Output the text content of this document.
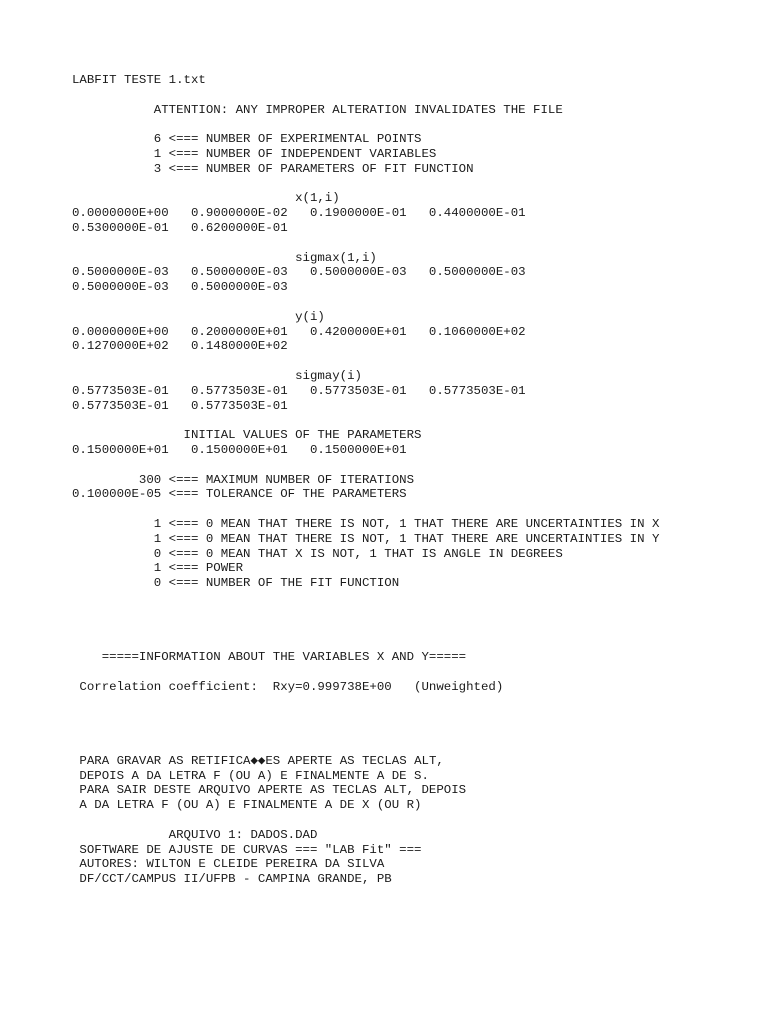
LABFIT TESTE 1.txt
ATTENTION: ANY IMPROPER ALTERATION INVALIDATES THE FILE
6 <=== NUMBER OF EXPERIMENTAL POINTS
1 <=== NUMBER OF INDEPENDENT VARIABLES
3 <=== NUMBER OF PARAMETERS OF FIT FUNCTION
x(1,i)
0.0000000E+00   0.9000000E-02   0.1900000E-01   0.4400000E-01
0.5300000E-01   0.6200000E-01
sigmax(1,i)
0.5000000E-03   0.5000000E-03   0.5000000E-03   0.5000000E-03
0.5000000E-03   0.5000000E-03
y(i)
0.0000000E+00   0.2000000E+01   0.4200000E+01   0.1060000E+02
0.1270000E+02   0.1480000E+02
sigmay(i)
0.5773503E-01   0.5773503E-01   0.5773503E-01   0.5773503E-01
0.5773503E-01   0.5773503E-01
INITIAL VALUES OF THE PARAMETERS
0.1500000E+01   0.1500000E+01   0.1500000E+01
300 <=== MAXIMUM NUMBER OF ITERATIONS
0.100000E-05 <=== TOLERANCE OF THE PARAMETERS
1 <=== 0 MEAN THAT THERE IS NOT, 1 THAT THERE ARE UNCERTAINTIES IN X
1 <=== 0 MEAN THAT THERE IS NOT, 1 THAT THERE ARE UNCERTAINTIES IN Y
0 <=== 0 MEAN THAT X IS NOT, 1 THAT IS ANGLE IN DEGREES
1 <=== POWER
0 <=== NUMBER OF THE FIT FUNCTION
=====INFORMATION ABOUT THE VARIABLES X AND Y=====
Correlation coefficient:  Rxy=0.999738E+00   (Unweighted)
PARA GRAVAR AS RETIFICA◆◆ES APERTE AS TECLAS ALT,
DEPOIS A DA LETRA F (OU A) E FINALMENTE A DE S.
PARA SAIR DESTE ARQUIVO APERTE AS TECLAS ALT, DEPOIS
A DA LETRA F (OU A) E FINALMENTE A DE X (OU R)
ARQUIVO 1: DADOS.DAD
SOFTWARE DE AJUSTE DE CURVAS === "LAB Fit" ===
AUTORES: WILTON E CLEIDE PEREIRA DA SILVA
DF/CCT/CAMPUS II/UFPB - CAMPINA GRANDE, PB
